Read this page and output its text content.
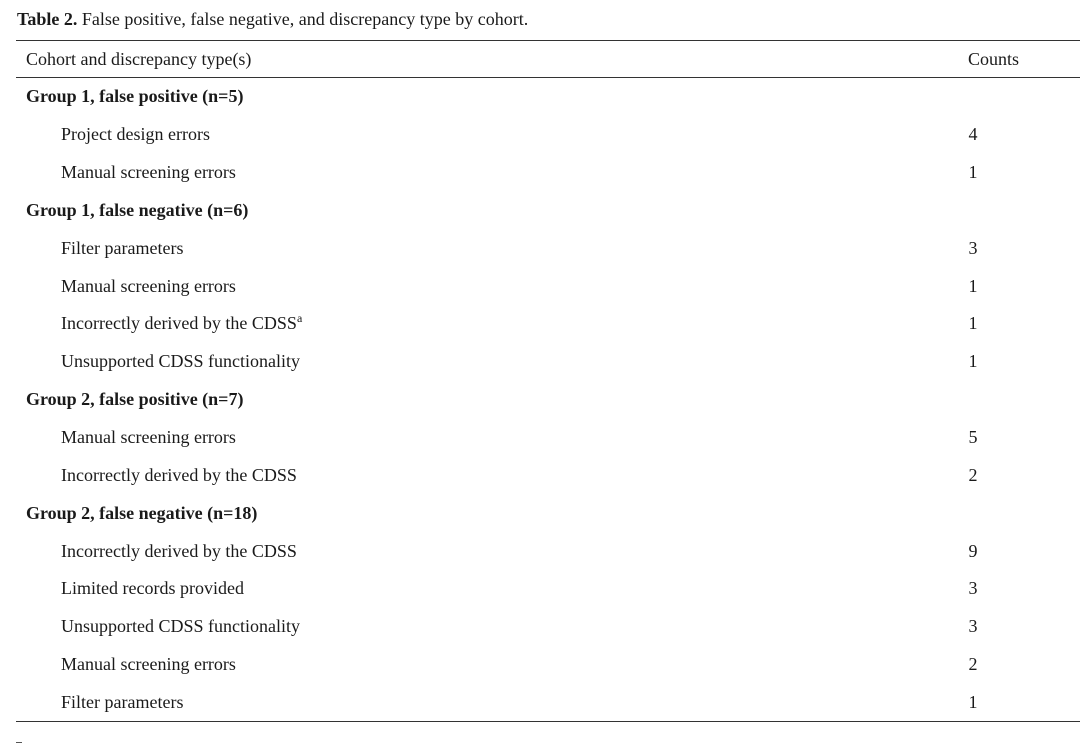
Table 2. False positive, false negative, and discrepancy type by cohort.
Cohort and discrepancy type(s)	Counts
Group 1, false positive (n=5)	
Project design errors	4
Manual screening errors	1
Group 1, false negative (n=6)	
Filter parameters	3
Manual screening errors	1
Incorrectly derived by the CDSS$^a$	1
Unsupported CDSS functionality	1
Group 2, false positive (n=7)	
Manual screening errors	5
Incorrectly derived by the CDSS	2
Group 2, false negative (n=18)	
Incorrectly derived by the CDSS	9
Limited records provided	3
Unsupported CDSS functionality	3
Manual screening errors	2
Filter parameters	1
